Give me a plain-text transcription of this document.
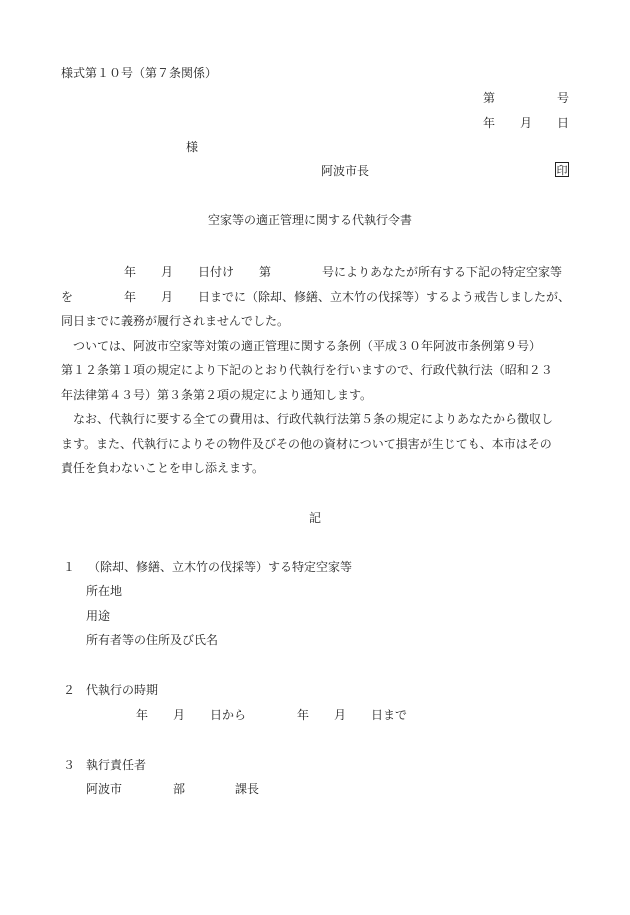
様式第１０号（第７条関係）
第	号
年 月 日
様
阿波市長	印
空家等の適正管理に関する代執行令書
年 月 日付け 第	号によりあなたが所有する下記の特定空家等
を	年 月 日までに（除却、修繕、立木竹の伐採等）するよう戒告しましたが、
同日までに義務が履行されませんでした。
ついては、阿波市空家等対策の適正管理に関する条例（平成３０年阿波市条例第９号）
第１２条第１項の規定により下記のとおり代執行を行いますので、行政代執行法（昭和２３
年法律第４３号）第３条第２項の規定により通知します。
なお、代執行に要する全ての費用は、行政代執行法第５条の規定によりあなたから徴収し
ます。また、代執行によりその物件及びその他の資材について損害が生じても、本市はその
責任を負わないことを申し添えます。
記
１ （除却、修繕、立木竹の伐採等）する特定空家等
所在地
用途
所有者等の住所及び氏名
２ 代執行の時期
年 月 日から	年 月 日まで
３ 執行責任者
阿波市	部	課長
